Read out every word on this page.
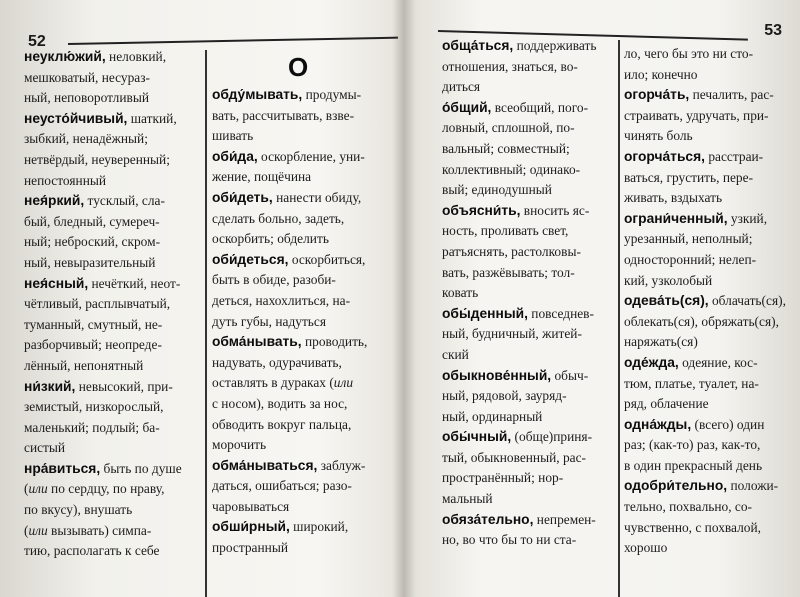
52
неуклю́жий, неловкий,
мешковатый, несураз-
ный, неповоротливый
неусто́йчивый, шаткий,
зыбкий, ненадёжный;
нетвёрдый, неуверенный;
непостоянный
нея́ркий, тусклый, сла-
бый, бледный, сумереч-
ный; неброский, скром-
ный, невыразительный
нея́сный, нечёткий, неот-
чётливый, расплывчатый,
туманный, смутный, не-
разборчивый; неопреде-
лённый, непонятный
ни́зкий, невысокий, при-
земистый, низкорослый,
маленький; подлый; ба-
систый
нра́виться, быть по душе
(или по сердцу, по нраву,
по вкусу), внушать
(или вызывать) симпа-
тию, располагать к себе
О
обду́мывать, продумы-
вать, рассчитывать, взве-
шивать
оби́да, оскорбление, уни-
жение, пощёчина
оби́деть, нанести обиду,
сделать больно, задеть,
оскорбить; обделить
оби́деться, оскорбиться,
быть в обиде, разоби-
деться, нахохлиться, на-
дуть губы, надуться
обма́нывать, проводить,
надувать, одурачивать,
оставлять в дураках (или
с носом), водить за нос,
обводить вокруг пальца,
морочить
обма́нываться, заблуж-
даться, ошибаться; разо-
чаровываться
обши́рный, широкий,
пространный
53
обща́ться, поддерживать
отношения, знаться, во-
диться
о́бщий, всеобщий, пого-
ловный, сплошной, по-
вальный; совместный;
коллективный; одинако-
вый; единодушный
объясни́ть, вносить яс-
ность, проливать свет,
ратъяснять, растолковы-
вать, разжёвывать; тол-
ковать
обы́денный, повседнев-
ный, будничный, житей-
ский
обыкнове́нный, обыч-
ный, рядовой, зауряд-
ный, ординарный
обы́чный, (обще)приня-
тый, обыкновенный, рас-
пространённый; нор-
мальный
обяза́тельно, непремен-
но, во что бы то ни ста-
ло, чего бы это ни сто-
ило; конечно
огорча́ть, печалить, рас-
страивать, удручать, при-
чинять боль
огорча́ться, расстраи-
ваться, грустить, пере-
живать, вздыхать
ограни́ченный, узкий,
урезанный, неполный;
односторонний; нелеп-
кий, узколобый
одева́ть(ся), облачать(ся),
облекать(ся), обряжать(ся),
наряжать(ся)
оде́жда, одеяние, кос-
тюм, платье, туалет, на-
ряд, облачение
одна́жды, (всего) один
раз; (как-то) раз, как-то,
в один прекрасный день
одобри́тельно, положи-
тельно, похвально, со-
чувственно, с похвалой,
хорошо
